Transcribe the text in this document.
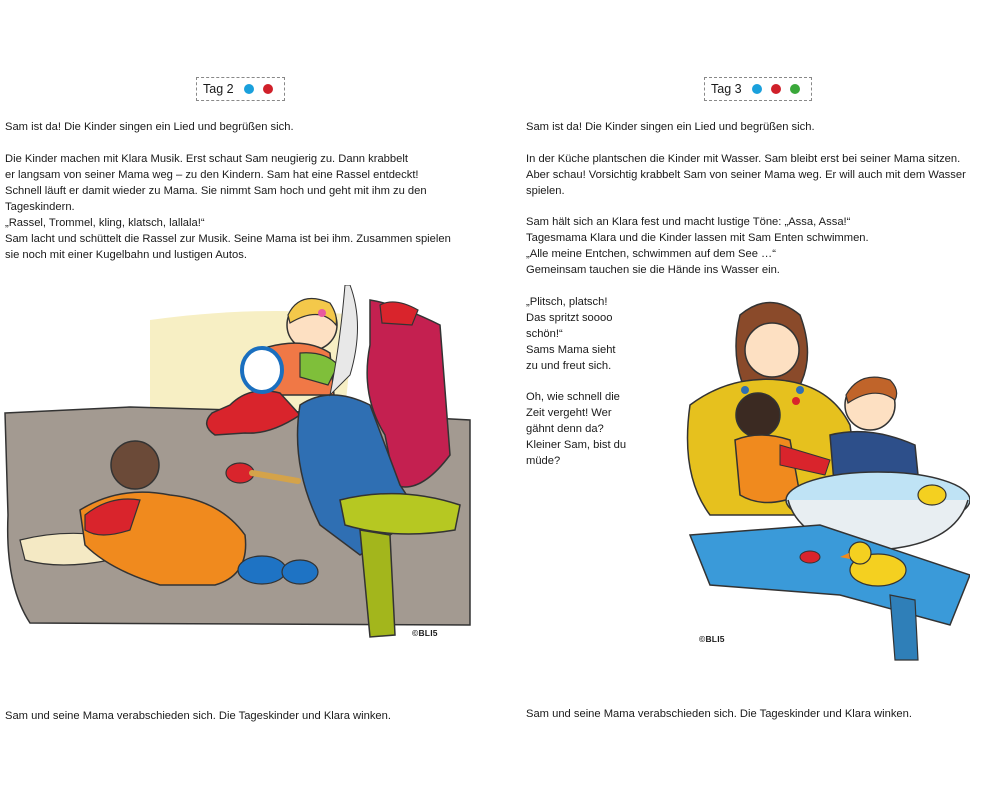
Tag 2

Sam ist da! Die Kinder singen ein Lied und begrüßen sich.

Die Kinder machen mit Klara Musik. Erst schaut Sam neugierig zu. Dann krabbelt
er langsam von seiner Mama weg – zu den Kindern. Sam hat eine Rassel entdeckt!
Schnell läuft er damit wieder zu Mama. Sie nimmt Sam hoch und geht mit ihm zu den
Tageskindern.
„Rassel, Trommel, kling, klatsch, lallala!“
Sam lacht und schüttelt die Rassel zur Musik. Seine Mama ist bei ihm. Zusammen spielen
sie noch mit einer Kugelbahn und lustigen Autos.
©BLI5

Sam und seine Mama verabschieden sich. Die Tageskinder und Klara winken.

Tag 3

Sam ist da! Die Kinder singen ein Lied und begrüßen sich.

In der Küche plantschen die Kinder mit Wasser. Sam bleibt erst bei seiner Mama sitzen.
Aber schau! Vorsichtig krabbelt Sam von seiner Mama weg. Er will auch mit dem Wasser
spielen.
Sam hält sich an Klara fest und macht lustige Töne: „Assa, Assa!“
Tagesmama Klara und die Kinder lassen mit Sam Enten schwimmen.
„Alle meine Entchen, schwimmen auf dem See …“
Gemeinsam tauchen sie die Hände ins Wasser ein.
„Plitsch, platsch!
Das spritzt soooo
schön!“
Sams Mama sieht
zu und freut sich.
Oh, wie schnell die
Zeit vergeht! Wer
gähnt denn da?
Kleiner Sam, bist du
müde?
©BLI5

Sam und seine Mama verabschieden sich. Die Tageskinder und Klara winken.
